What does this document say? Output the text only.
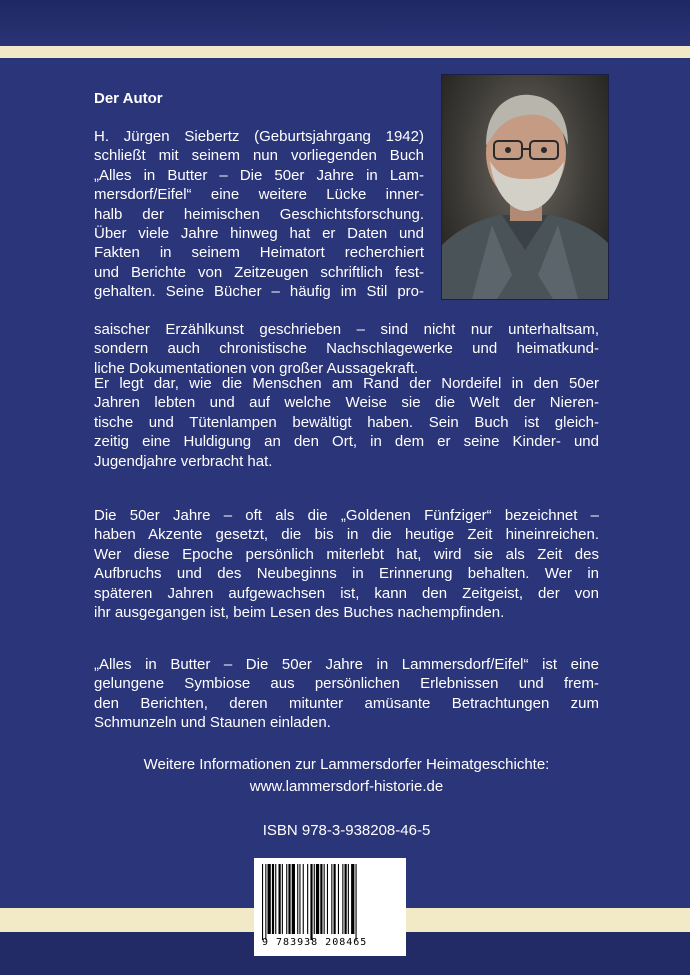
Der Autor

H. Jürgen Siebertz (Geburtsjahrgang 1942)
schließt mit seinem nun vorliegenden Buch
„Alles in Butter – Die 50er Jahre in Lam-
mersdorf/Eifel“ eine weitere Lücke inner-
halb der heimischen Geschichtsforschung.
Über viele Jahre hinweg hat er Daten und
Fakten in seinem Heimatort recherchiert
und Berichte von Zeitzeugen schriftlich fest-
gehalten. Seine Bücher – häufig im Stil pro-

saischer Erzählkunst geschrieben – sind nicht nur unterhaltsam,
sondern auch chronistische Nachschlagewerke und heimatkund-
liche Dokumentationen von großer Aussagekraft.

Er legt dar, wie die Menschen am Rand der Nordeifel in den 50er
Jahren lebten und auf welche Weise sie die Welt der Nieren-
tische und Tütenlampen bewältigt haben. Sein Buch ist gleich-
zeitig eine Huldigung an den Ort, in dem er seine Kinder- und
Jugendjahre verbracht hat.

Die 50er Jahre – oft als die „Goldenen Fünfziger“ bezeichnet –
haben Akzente gesetzt, die bis in die heutige Zeit hineinreichen.
Wer diese Epoche persönlich miterlebt hat, wird sie als Zeit des
Aufbruchs und des Neubeginns in Erinnerung behalten. Wer in
späteren Jahren aufgewachsen ist, kann den Zeitgeist, der von
ihr ausgegangen ist, beim Lesen des Buches nachempfinden.

„Alles in Butter – Die 50er Jahre in Lammersdorf/Eifel“ ist eine
gelungene Symbiose aus persönlichen Erlebnissen und frem-
den Berichten, deren mitunter amüsante Betrachtungen zum
Schmunzeln und Staunen einladen.

Weitere Informationen zur Lammersdorfer Heimatgeschichte:
www.lammersdorf-historie.de
ISBN 978-3-938208-46-5
9 783938 208465
